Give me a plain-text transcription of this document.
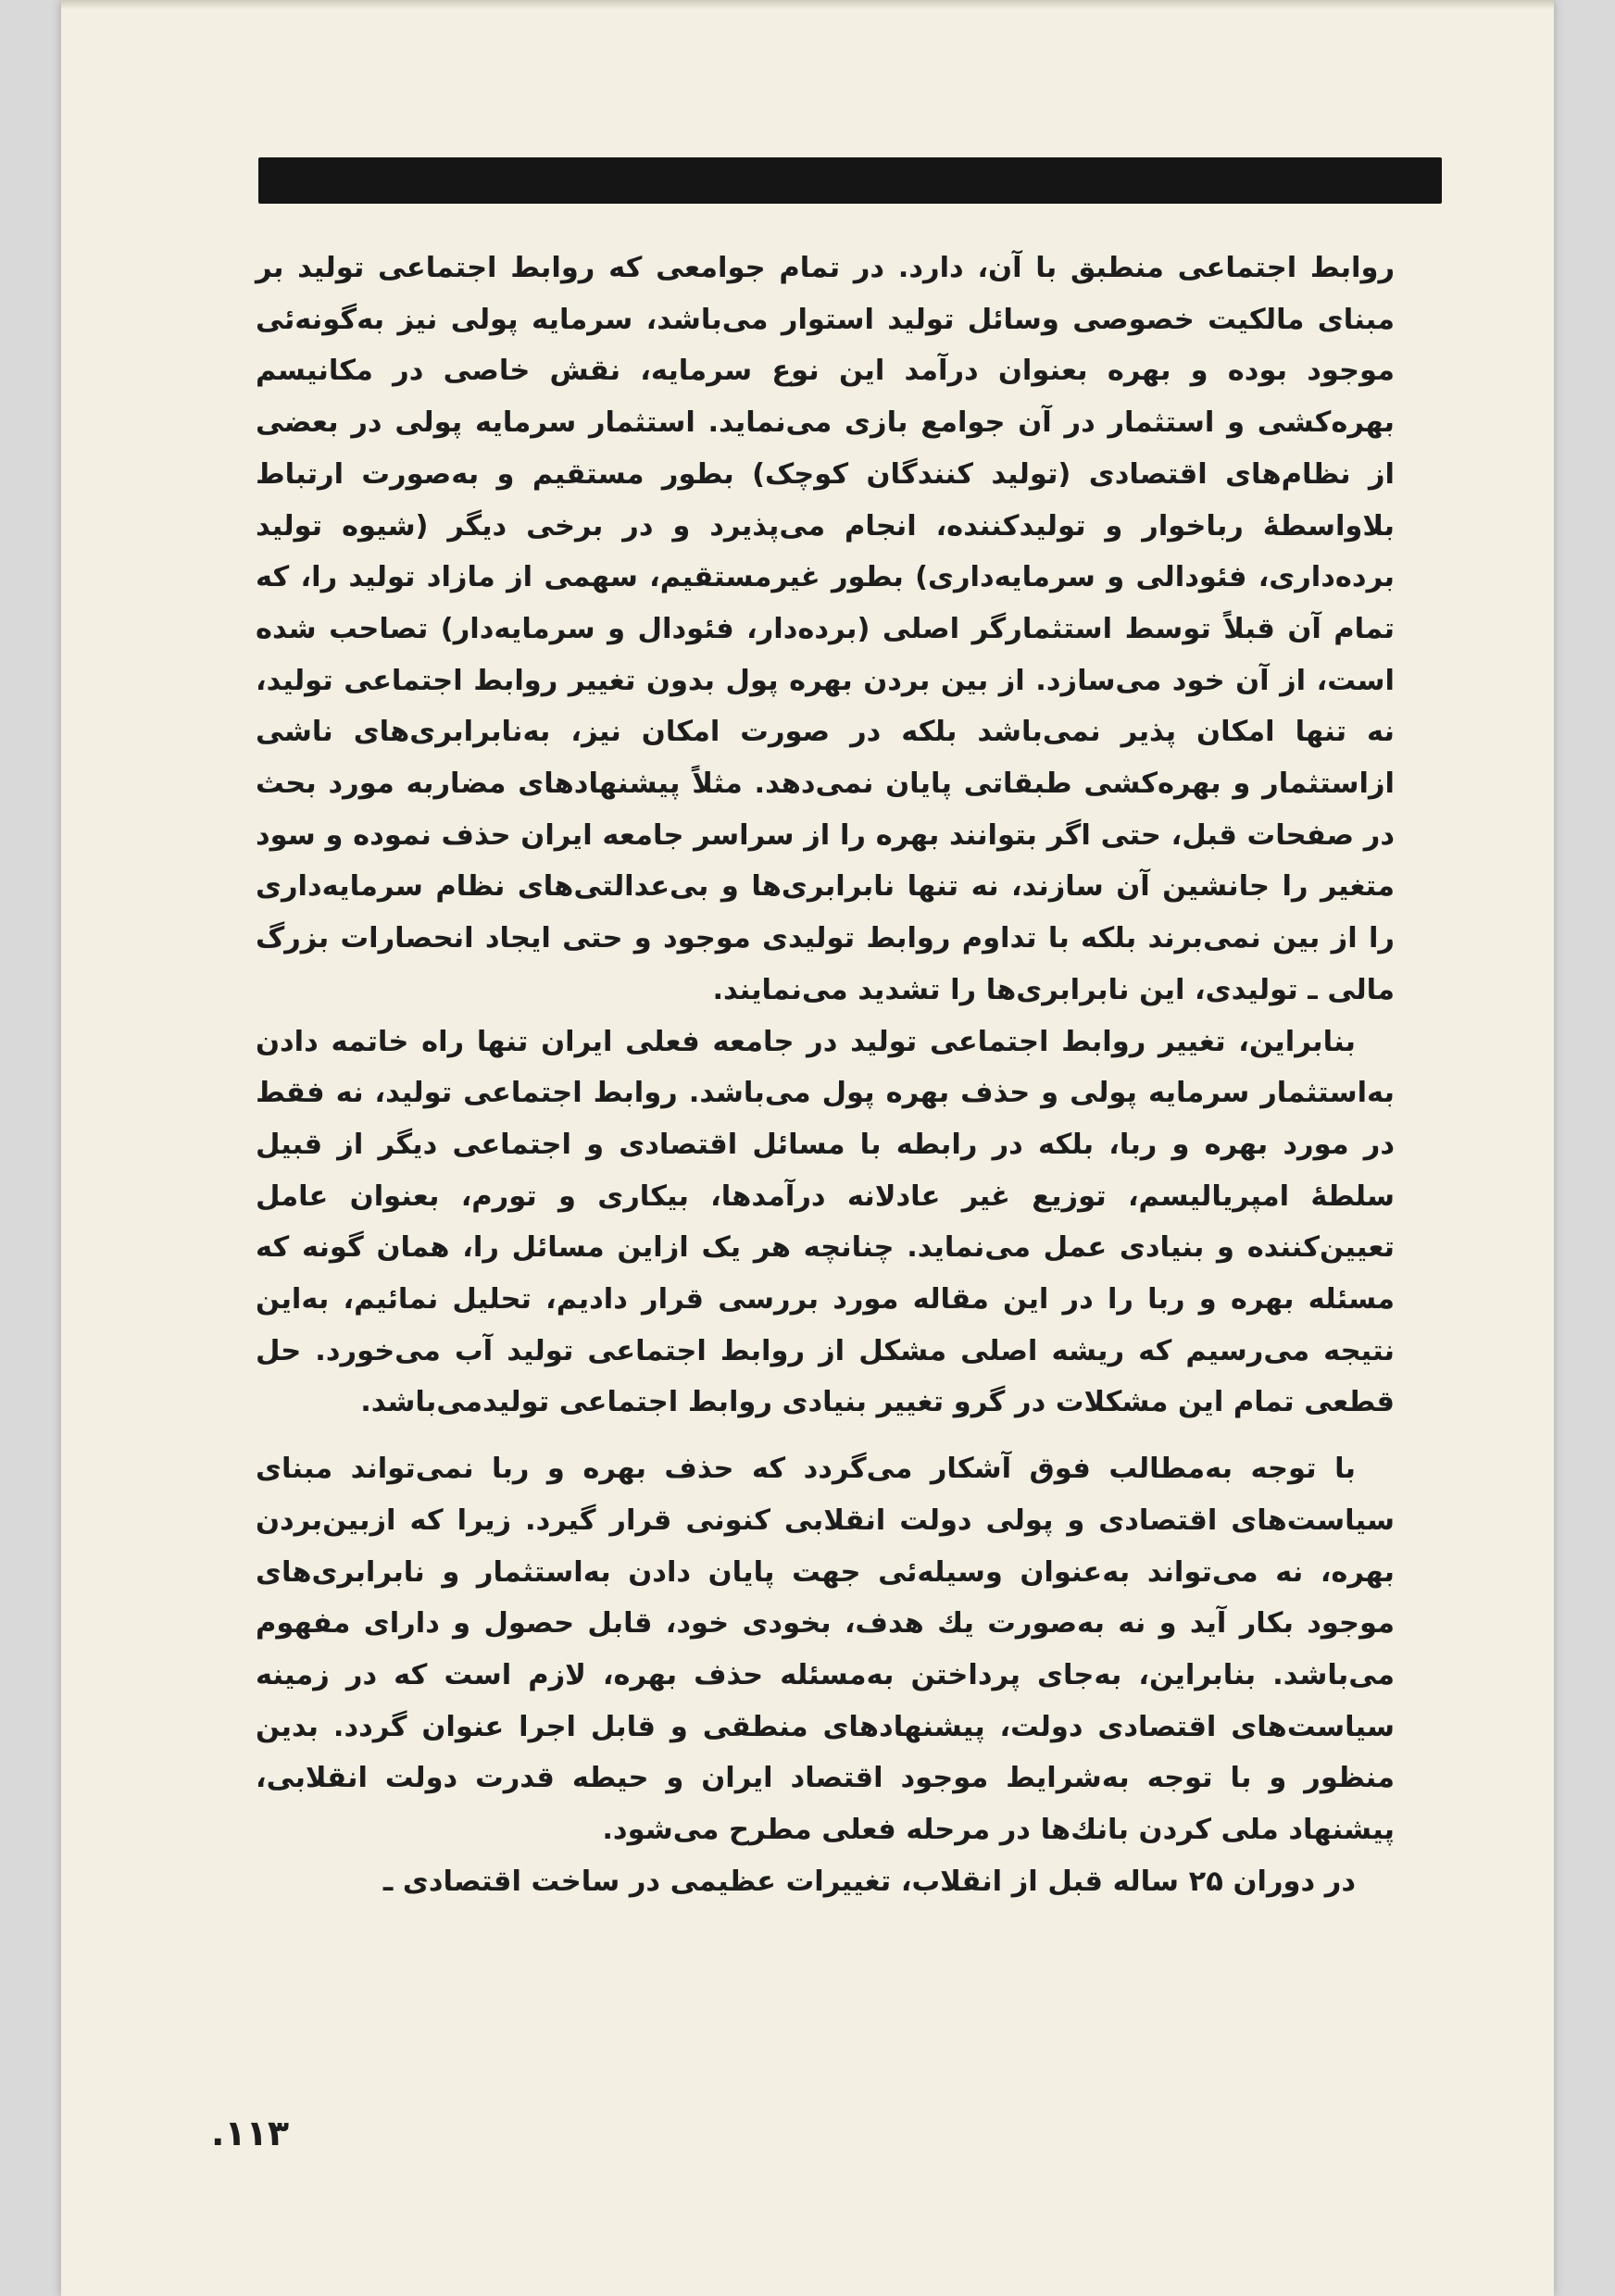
روابط اجتماعی منطبق با آن، دارد. در تمام جوامعی که روابط اجتماعی تولید بر مبنای مالکیت خصوصی وسائل تولید استوار می‌باشد، سرمایه پولی نیز به‌گونه‌ئی موجود بوده و بهره بعنوان درآمد این نوع سرمایه، نقش خاصی در مکانیسم بهره‌کشی و استثمار در آن جوامع بازی می‌نماید. استثمار سرمایه پولی در بعضی از نظام‌های اقتصادی (تولید کنندگان کوچک) بطور مستقیم و به‌صورت ارتباط بلاواسطهٔ رباخوار و تولیدکننده، انجام می‌پذیرد و در برخی دیگر (شیوه تولید برده‌داری، فئودالی و سرمایه‌داری) بطور غیرمستقیم، سهمی از مازاد تولید را، که تمام آن قبلاً توسط استثمارگر اصلی (برده‌دار، فئودال و سرمایه‌دار) تصاحب شده است، از آن خود می‌سازد. از بین بردن بهره پول بدون تغییر روابط اجتماعی تولید، نه تنها امکان پذیر نمی‌باشد بلکه در صورت امکان نیز، به‌نابرابری‌های ناشی ازاستثمار و بهره‌کشی طبقاتی پایان نمی‌دهد. مثلاً پیشنهادهای مضاربه مورد بحث در صفحات قبل، حتی اگر بتوانند بهره را از سراسر جامعه ایران حذف نموده و سود متغیر را جانشین آن سازند، نه تنها نابرابری‌ها و بی‌عدالتی‌های نظام سرمایه‌داری را از بین نمی‌برند بلکه با تداوم روابط تولیدی موجود و حتی ایجاد انحصارات بزرگ مالی ـ تولیدی، این نابرابری‌ها را تشدید می‌نمایند.

بنابراین، تغییر روابط اجتماعی تولید در جامعه فعلی ایران تنها راه خاتمه دادن به‌استثمار سرمایه پولی و حذف بهره پول می‌باشد. روابط اجتماعی تولید، نه فقط در مورد بهره و ربا، بلکه در رابطه با مسائل اقتصادی و اجتماعی دیگر از قبیل سلطهٔ امپریالیسم، توزیع غیر عادلانه درآمدها، بیکاری و تورم، بعنوان عامل تعیین‌کننده و بنیادی عمل می‌نماید. چنانچه هر یک ازاین مسائل را، همان گونه که مسئله بهره و ربا را در این مقاله مورد بررسی قرار دادیم، تحلیل نمائیم، به‌این نتیجه می‌رسیم که ریشه اصلی مشکل از روابط اجتماعی تولید آب می‌خورد. حل قطعی تمام این مشکلات در گرو تغییر بنیادی روابط اجتماعی تولیدمی‌باشد.

با توجه به‌مطالب فوق آشکار می‌گردد که حذف بهره و ربا نمی‌تواند مبنای سیاست‌های اقتصادی و پولی دولت انقلابی کنونی قرار گیرد. زیرا که ازبین‌بردن بهره، نه می‌تواند به‌عنوان وسیله‌ئی جهت پایان دادن به‌استثمار و نابرابری‌های موجود بکار آید و نه به‌صورت یك هدف، بخودی خود، قابل حصول و دارای مفهوم می‌باشد. بنابراین، به‌جای پرداختن به‌مسئله حذف بهره، لازم است که در زمینه سیاست‌های اقتصادی دولت، پیشنهادهای منطقی و قابل اجرا عنوان گردد. بدین منظور و با توجه به‌شرایط موجود اقتصاد ایران و حیطه قدرت دولت انقلابی، پیشنهاد ملی کردن بانك‌ها در مرحله فعلی مطرح می‌شود.

در دوران ۲۵ ساله قبل از انقلاب، تغییرات عظیمی در ساخت اقتصادی ـ

۱۱۳.
